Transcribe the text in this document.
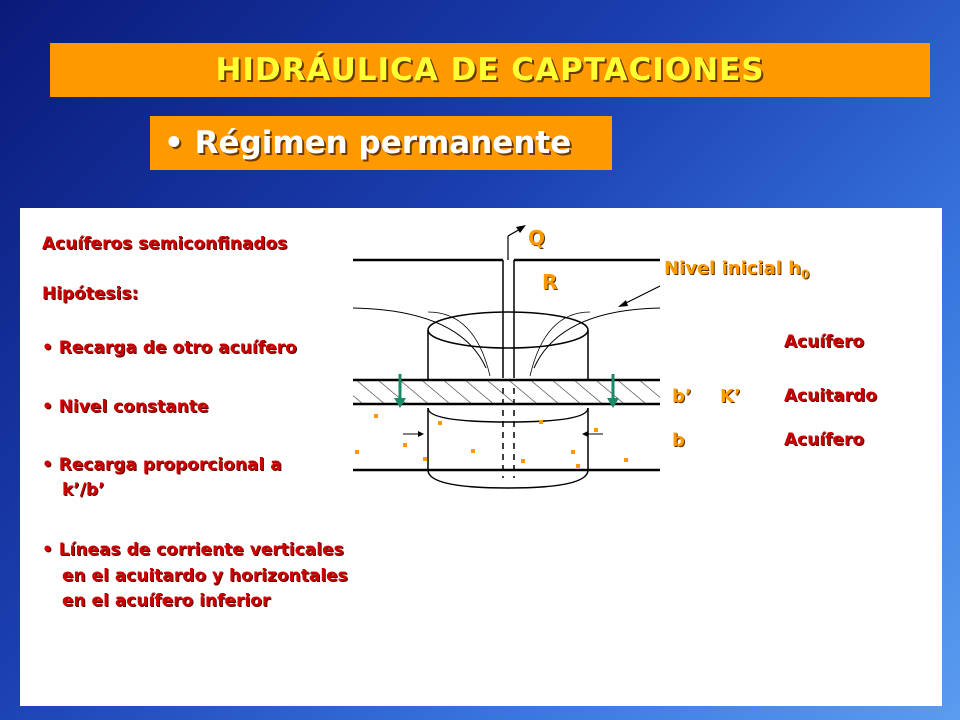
HIDRÁULICA DE CAPTACIONES
• Régimen permanente
Acuíferos semiconfinados
Hipótesis:
• Recarga de otro acuífero
• Nivel constante
• Recarga proporcional a
k’/b’
• Líneas de corriente verticales
en el acuitardo y horizontales
en el acuífero inferior
Q
R
Nivel inicial $h_0$
Acuífero
b’ K’	Acuitardo
b	Acuífero
